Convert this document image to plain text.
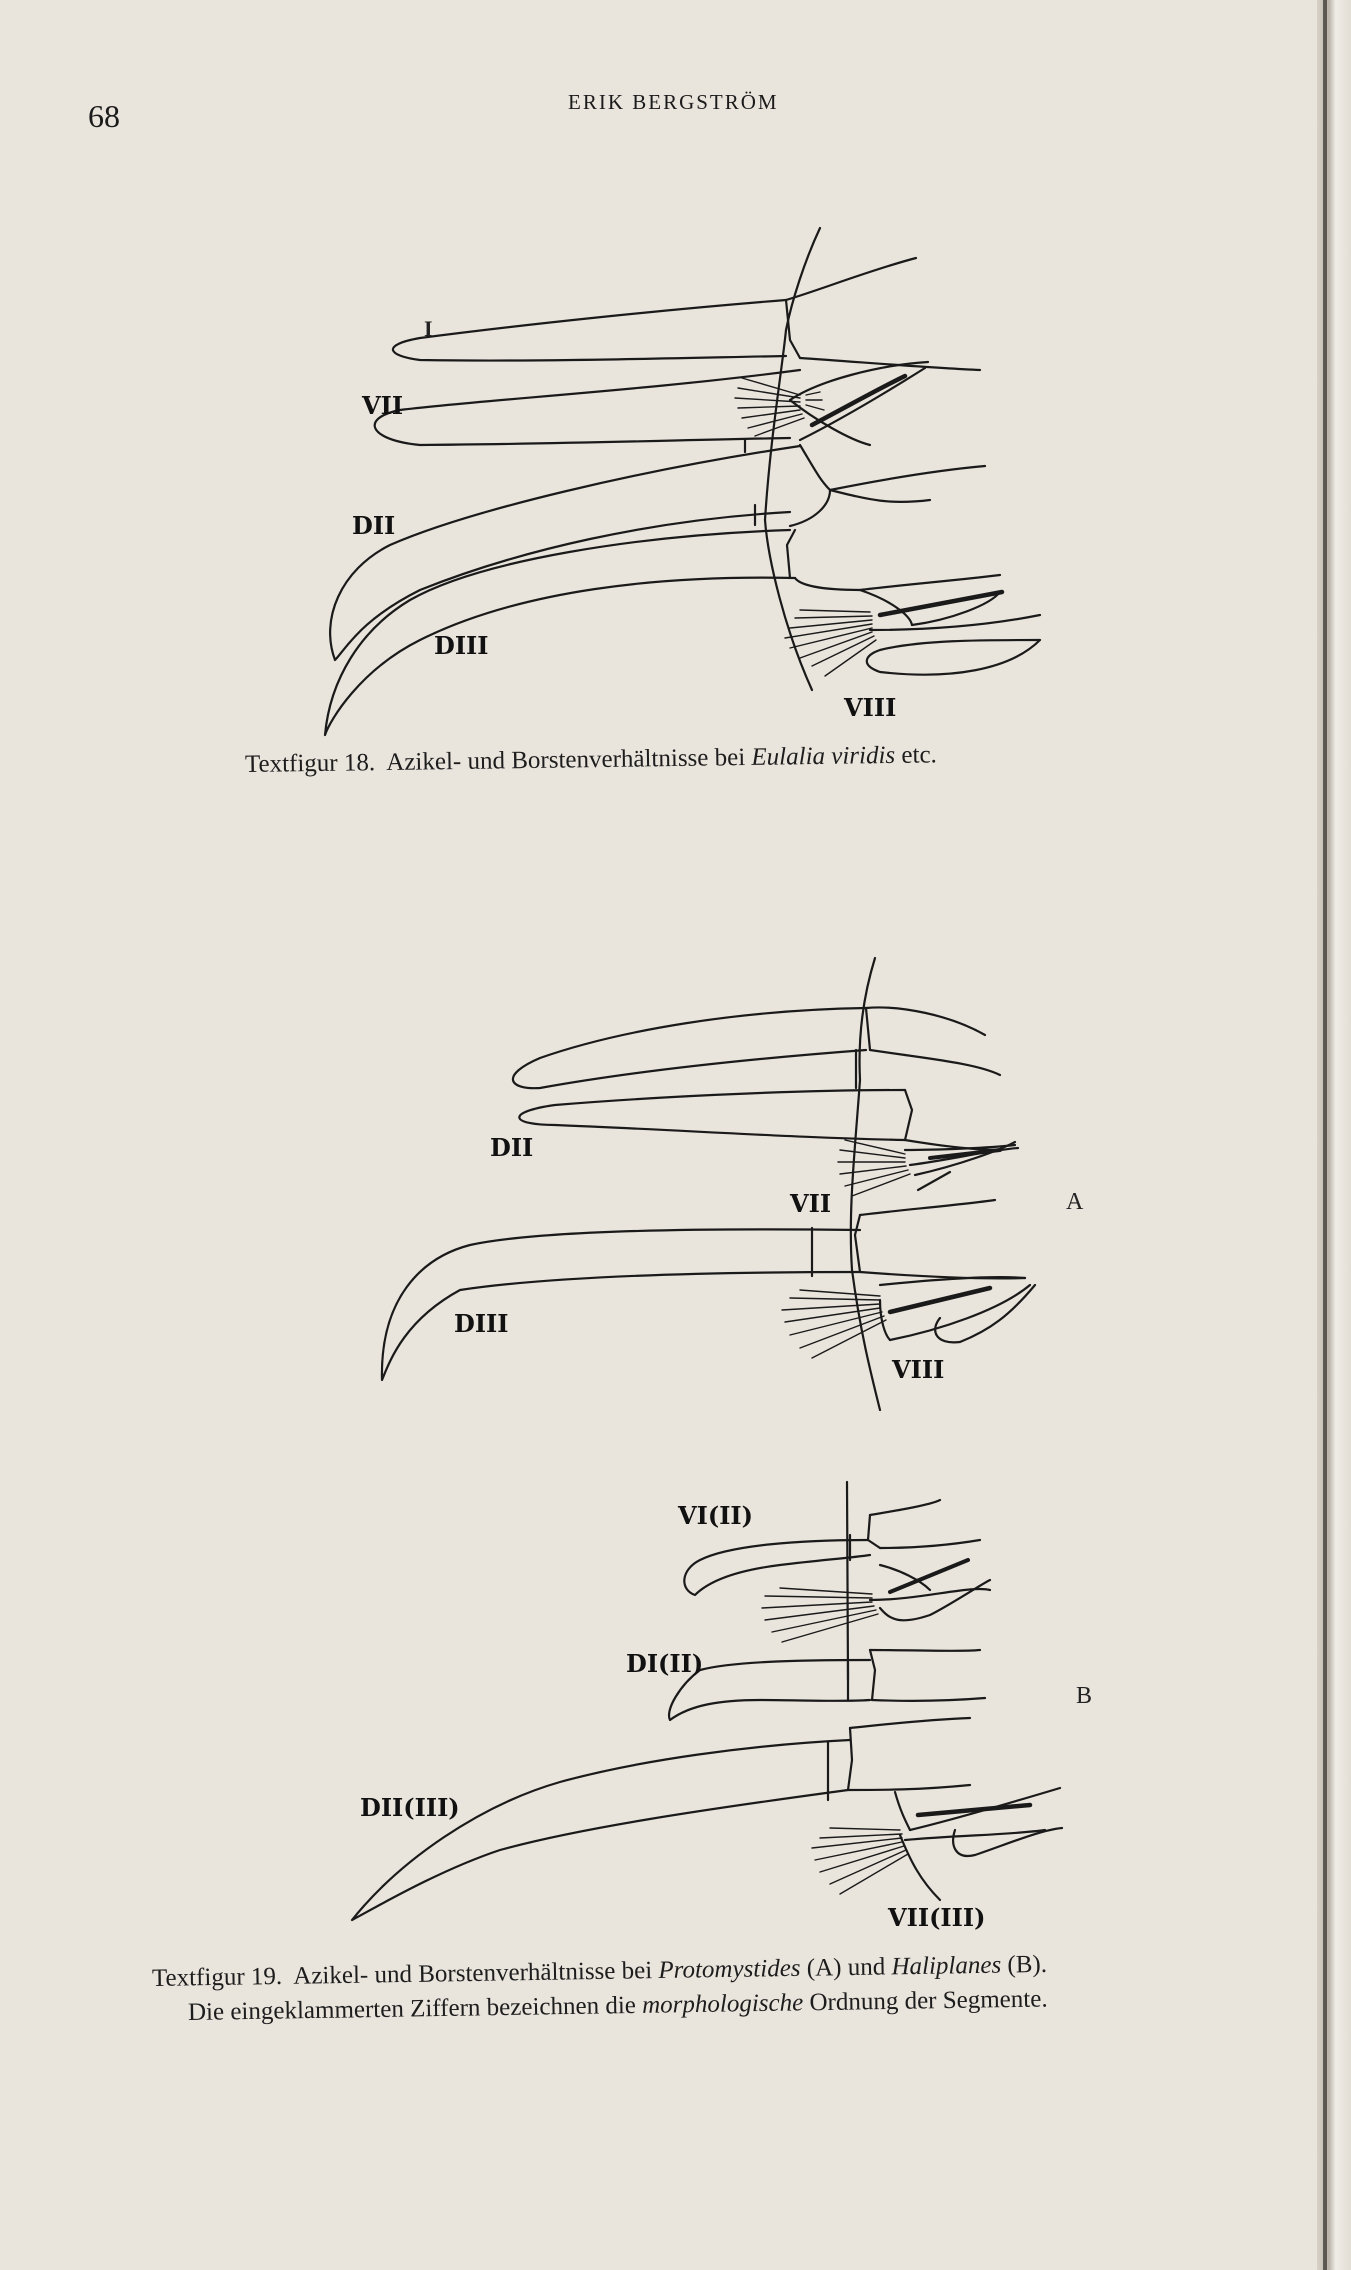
68	ERIK BERGSTRÖM
I
VII
DII
DIII
VIII
Textfigur 18. Azikel- und Borstenverhältnisse bei Eulalia viridis etc.
DII
VII
DIII
VIII
A
VI(II)
DI(II)
DII(III)
VII(III)
B
Textfigur 19. Azikel- und Borstenverhältnisse bei Protomystides (A) und Haliplanes (B).
Die eingeklammerten Ziffern bezeichnen die morphologische Ordnung der Segmente.
